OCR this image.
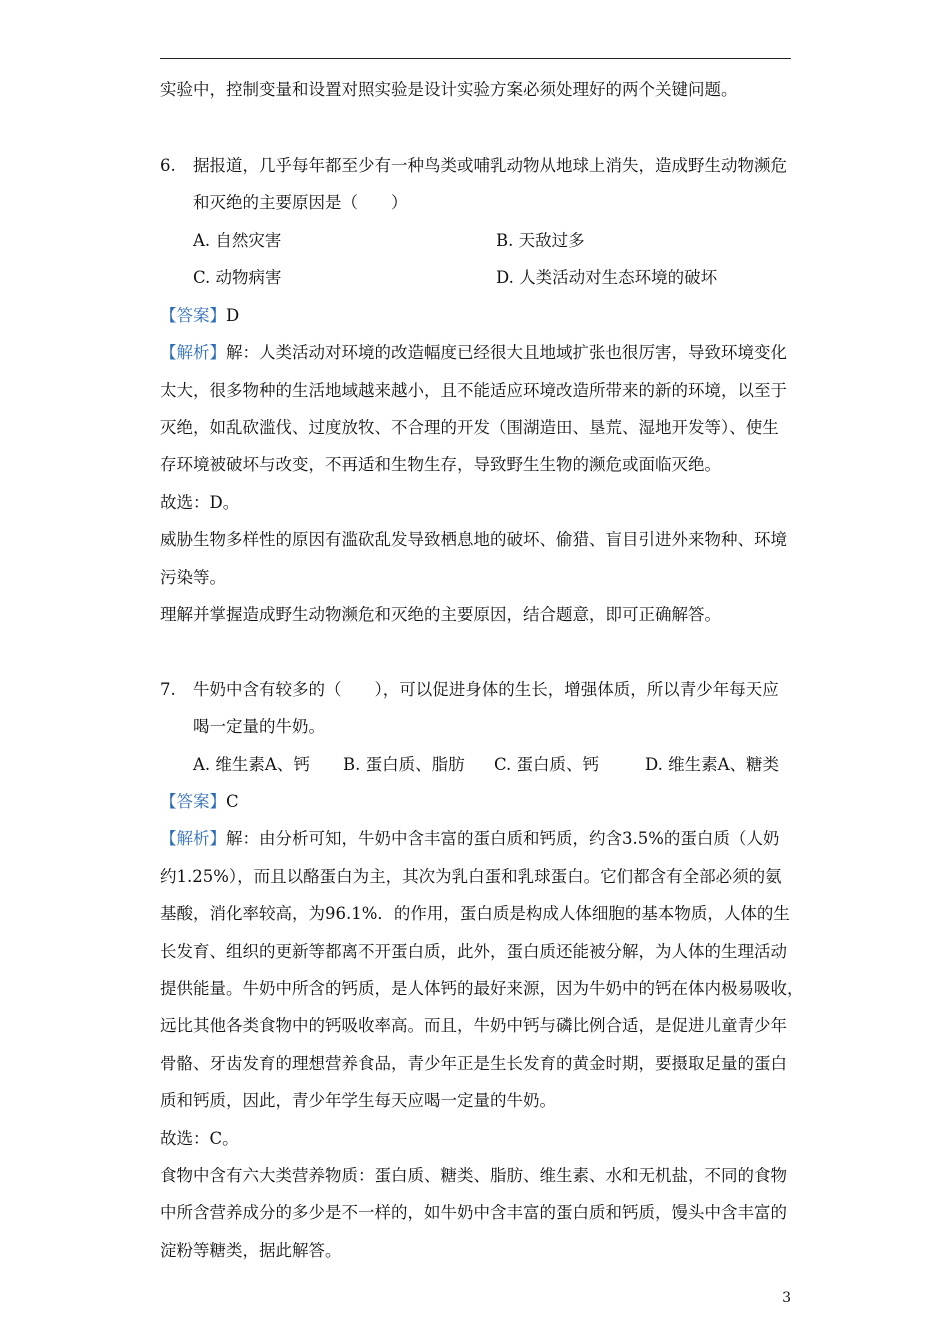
实验中，控制变量和设置对照实验是设计实验方案必须处理好的两个关键问题。
6. 据报道，几乎每年都至少有一种鸟类或哺乳动物从地球上消失，造成野生动物濒危
和灭绝的主要原因是（　　）
A. 自然灾害	B. 天敌过多
C. 动物病害	D. 人类活动对生态环境的破坏
【答案】D
【解析】解：人类活动对环境的改造幅度已经很大且地域扩张也很厉害，导致环境变化
太大，很多物种的生活地域越来越小，且不能适应环境改造所带来的新的环境，以至于
灭绝，如乱砍滥伐、过度放牧、不合理的开发（围湖造田、垦荒、湿地开发等）、使生
存环境被破坏与改变，不再适和生物生存，导致野生生物的濒危或面临灭绝。
故选：D。
威胁生物多样性的原因有滥砍乱发导致栖息地的破坏、偷猎、盲目引进外来物种、环境
污染等。
理解并掌握造成野生动物濒危和灭绝的主要原因，结合题意，即可正确解答。
7. 牛奶中含有较多的（　　），可以促进身体的生长，增强体质，所以青少年每天应
喝一定量的牛奶。
A. 维生素A、钙 B. 蛋白质、脂肪 C. 蛋白质、钙	D. 维生素A、糖类
【答案】C
【解析】解：由分析可知，牛奶中含丰富的蛋白质和钙质，约含3.5%的蛋白质（人奶
约1.25%），而且以酪蛋白为主，其次为乳白蛋和乳球蛋白。它们都含有全部必须的氨
基酸，消化率较高，为96.1%．的作用，蛋白质是构成人体细胞的基本物质，人体的生
长发育、组织的更新等都离不开蛋白质，此外，蛋白质还能被分解，为人体的生理活动
提供能量。牛奶中所含的钙质，是人体钙的最好来源，因为牛奶中的钙在体内极易吸收，
远比其他各类食物中的钙吸收率高。而且，牛奶中钙与磷比例合适，是促进儿童青少年
骨骼、牙齿发育的理想营养食品，青少年正是生长发育的黄金时期，要摄取足量的蛋白
质和钙质，因此，青少年学生每天应喝一定量的牛奶。
故选：C。
食物中含有六大类营养物质：蛋白质、糖类、脂肪、维生素、水和无机盐，不同的食物
中所含营养成分的多少是不一样的，如牛奶中含丰富的蛋白质和钙质，馒头中含丰富的
淀粉等糖类，据此解答。
3
